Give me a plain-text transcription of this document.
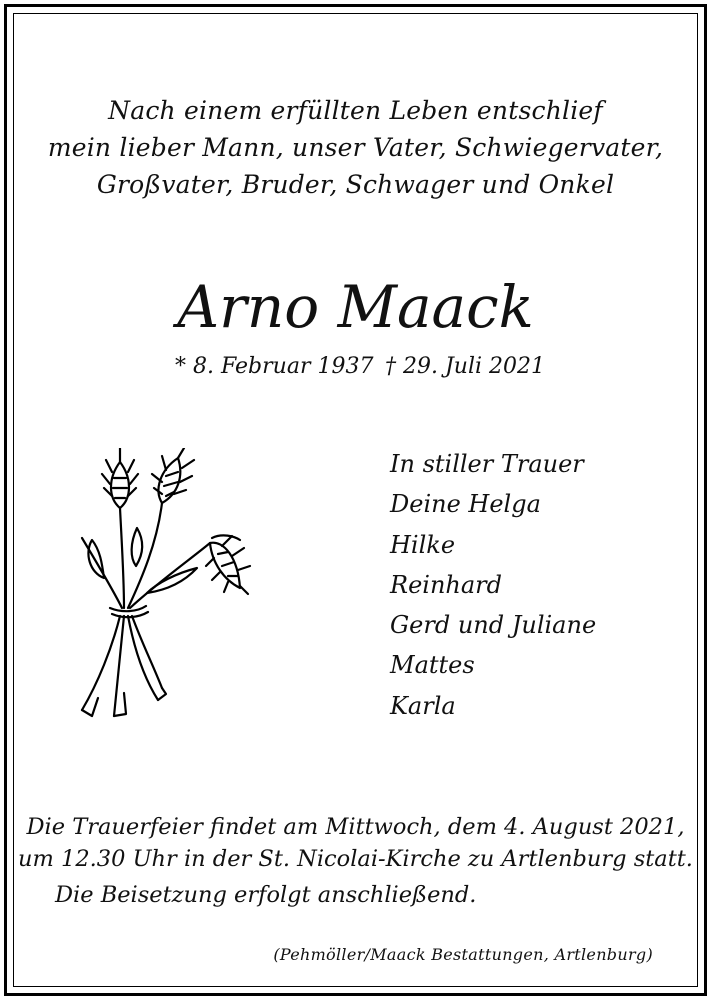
Nach einem erfüllten Leben entschlief
mein lieber Mann, unser Vater, Schwiegervater,
Großvater, Bruder, Schwager und Onkel
Arno Maack
* 8. Februar 1937 † 29. Juli 2021
In stiller Trauer
Deine Helga
Hilke
Reinhard
Gerd und Juliane
Mattes
Karla
Die Trauerfeier findet am Mittwoch, dem 4. August 2021,
um 12.30 Uhr in der St. Nicolai-Kirche zu Artlenburg statt.
Die Beisetzung erfolgt anschließend.
(Pehmöller/Maack Bestattungen, Artlenburg)
